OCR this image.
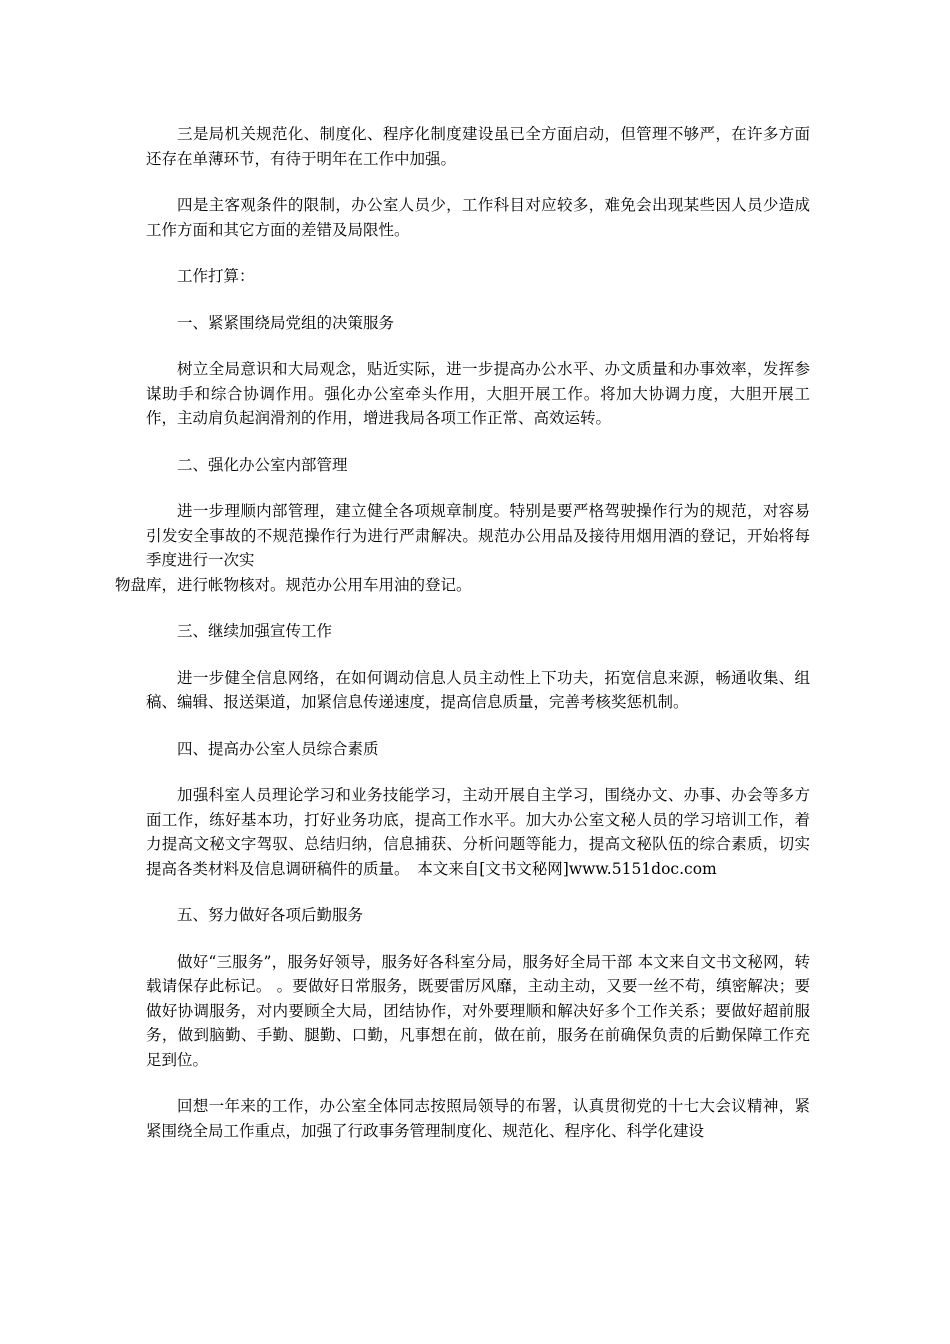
三是局机关规范化、制度化、程序化制度建设虽已全方面启动，但管理不够严，在许多方面还存在单薄环节，有待于明年在工作中加强。

四是主客观条件的限制，办公室人员少，工作科目对应较多，难免会出现某些因人员少造成工作方面和其它方面的差错及局限性。

工作打算：

一、紧紧围绕局党组的决策服务

树立全局意识和大局观念，贴近实际，进一步提高办公水平、办文质量和办事效率，发挥参谋助手和综合协调作用。强化办公室牵头作用，大胆开展工作。将加大协调力度，大胆开展工作，主动肩负起润滑剂的作用，增进我局各项工作正常、高效运转。

二、强化办公室内部管理

进一步理顺内部管理，建立健全各项规章制度。特别是要严格驾驶操作行为的规范，对容易引发安全事故的不规范操作行为进行严肃解决。规范办公用品及接待用烟用酒的登记，开始将每季度进行一次实
物盘库，进行帐物核对。规范办公用车用油的登记。

三、继续加强宣传工作

进一步健全信息网络，在如何调动信息人员主动性上下功夫，拓宽信息来源，畅通收集、组稿、编辑、报送渠道，加紧信息传递速度，提高信息质量，完善考核奖惩机制。

四、提高办公室人员综合素质

加强科室人员理论学习和业务技能学习，主动开展自主学习，围绕办文、办事、办会等多方面工作，练好基本功，打好业务功底，提高工作水平。加大办公室文秘人员的学习培训工作，着力提高文秘文字驾驭、总结归纳，信息捕获、分析问题等能力，提高文秘队伍的综合素质，切实提高各类材料及信息调研稿件的质量。　本文来自[文书文秘网]www.5151doc.com

五、努力做好各项后勤服务

做好“三服务”，服务好领导，服务好各科室分局，服务好全局干部 本文来自文书文秘网，转载请保存此标记。 。要做好日常服务，既要雷厉风靡，主动主动，又要一丝不苟，缜密解决；要做好协调服务，对内要顾全大局，团结协作，对外要理顺和解决好多个工作关系；要做好超前服务，做到脑勤、手勤、腿勤、口勤，凡事想在前，做在前，服务在前确保负责的后勤保障工作充足到位。

回想一年来的工作，办公室全体同志按照局领导的布署，认真贯彻党的十七大会议精神，紧紧围绕全局工作重点，加强了行政事务管理制度化、规范化、程序化、科学化建设
